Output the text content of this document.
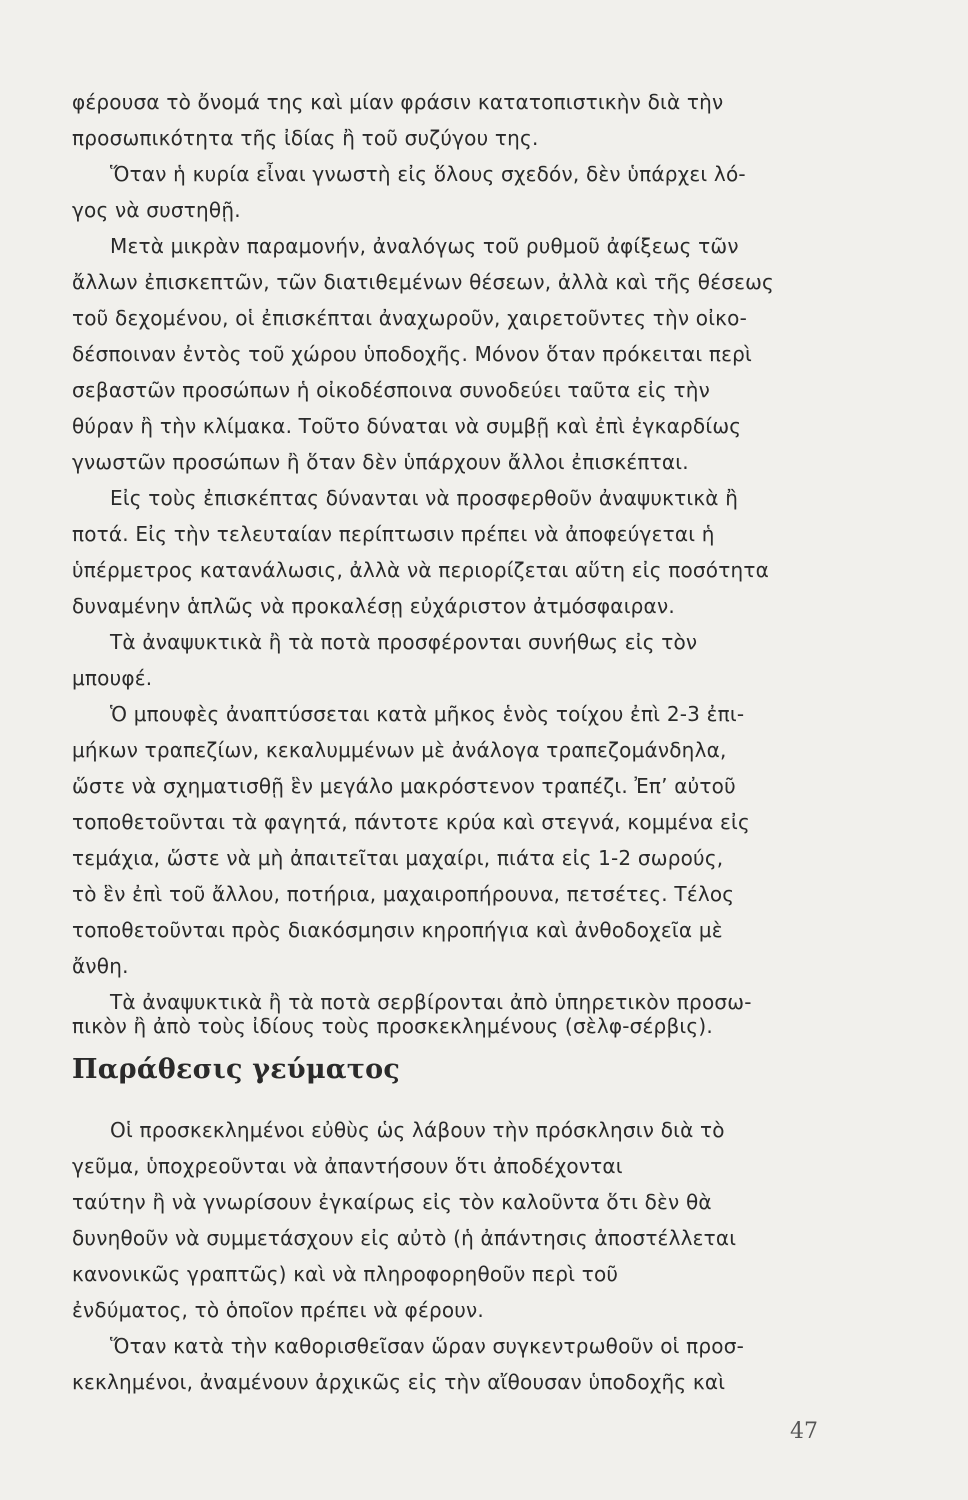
φέρουσα τὸ ὄνομά της καὶ μίαν φράσιν κατατοπιστικὴν διὰ τὴν
προσωπικότητα τῆς ἰδίας ἢ τοῦ συζύγου της.
Ὅταν ἡ κυρία εἶναι γνωστὴ εἰς ὅλους σχεδόν, δὲν ὑπάρχει λό-
γος νὰ συστηθῇ.
Μετὰ μικρὰν παραμονήν, ἀναλόγως τοῦ ρυθμοῦ ἀφίξεως τῶν
ἄλλων ἐπισκεπτῶν, τῶν διατιθεμένων θέσεων, ἀλλὰ καὶ τῆς θέσεως
τοῦ δεχομένου, οἱ ἐπισκέπται ἀναχωροῦν, χαιρετοῦντες τὴν οἰκο-
δέσποιναν ἐντὸς τοῦ χώρου ὑποδοχῆς. Μόνον ὅταν πρόκειται περὶ
σεβαστῶν προσώπων ἡ οἰκοδέσποινα συνοδεύει ταῦτα εἰς τὴν
θύραν ἢ τὴν κλίμακα. Τοῦτο δύναται νὰ συμβῇ καὶ ἐπὶ ἐγκαρδίως
γνωστῶν προσώπων ἢ ὅταν δὲν ὑπάρχουν ἄλλοι ἐπισκέπται.
Εἰς τοὺς ἐπισκέπτας δύνανται νὰ προσφερθοῦν ἀναψυκτικὰ ἢ
ποτά. Εἰς τὴν τελευταίαν περίπτωσιν πρέπει νὰ ἀποφεύγεται ἡ
ὑπέρμετρος κατανάλωσις, ἀλλὰ νὰ περιορίζεται αὕτη εἰς ποσότητα
δυναμένην ἁπλῶς νὰ προκαλέσῃ εὐχάριστον ἀτμόσφαιραν.
Τὰ ἀναψυκτικὰ ἢ τὰ ποτὰ προσφέρονται συνήθως εἰς τὸν
μπουφέ.
Ὁ μπουφὲς ἀναπτύσσεται κατὰ μῆκος ἑνὸς τοίχου ἐπὶ 2-3 ἐπι-
μήκων τραπεζίων, κεκαλυμμένων μὲ ἀνάλογα τραπεζομάνδηλα,
ὥστε νὰ σχηματισθῇ ἓν μεγάλο μακρόστενον τραπέζι. Ἐπ’ αὐτοῦ
τοποθετοῦνται τὰ φαγητά, πάντοτε κρύα καὶ στεγνά, κομμένα εἰς
τεμάχια, ὥστε νὰ μὴ ἀπαιτεῖται μαχαίρι, πιάτα εἰς 1-2 σωρούς,
τὸ ἓν ἐπὶ τοῦ ἄλλου, ποτήρια, μαχαιροπήρουνα, πετσέτες. Τέλος
τοποθετοῦνται πρὸς διακόσμησιν κηροπήγια καὶ ἀνθοδοχεῖα μὲ
ἄνθη.
Τὰ ἀναψυκτικὰ ἢ τὰ ποτὰ σερβίρονται ἀπὸ ὑπηρετικὸν προσω-
πικὸν ἢ ἀπὸ τοὺς ἰδίους τοὺς προσκεκλημένους (σὲλφ-σέρβις).
Παράθεσις γεύματος
Οἱ προσκεκλημένοι εὐθὺς ὡς λάβουν τὴν πρόσκλησιν διὰ τὸ
γεῦμα, ὑποχρεοῦνται νὰ ἀπαντήσουν ὅτι ἀποδέχονται
ταύτην ἢ νὰ γνωρίσουν ἐγκαίρως εἰς τὸν καλοῦντα ὅτι δὲν θὰ
δυνηθοῦν νὰ συμμετάσχουν εἰς αὐτὸ (ἡ ἀπάντησις ἀποστέλλεται
κανονικῶς γραπτῶς) καὶ νὰ πληροφορηθοῦν περὶ τοῦ
ἐνδύματος, τὸ ὁποῖον πρέπει νὰ φέρουν.
Ὅταν κατὰ τὴν καθορισθεῖσαν ὥραν συγκεντρωθοῦν οἱ προσ-
κεκλημένοι, ἀναμένουν ἀρχικῶς εἰς τὴν αἴθουσαν ὑποδοχῆς καὶ
47
